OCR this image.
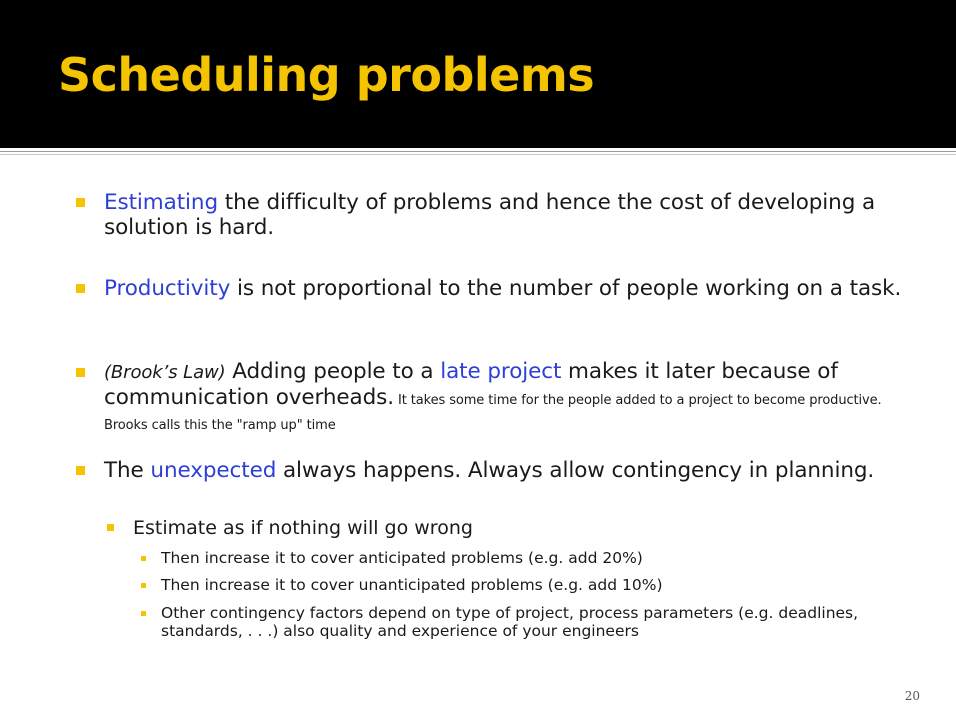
Scheduling problems
Estimating the difficulty of problems and hence the cost of developing a solution is hard.
Productivity is not proportional to the number of people working on a task.
(Brook’s Law) Adding people to a late project makes it later because of communication overheads. It takes some time for the people added to a project to become productive. Brooks calls this the "ramp up" time
The unexpected always happens. Always allow contingency in planning.
Estimate as if nothing will go wrong
Then increase it to cover anticipated problems (e.g. add 20%)
Then increase it to cover unanticipated problems (e.g. add 10%)
Other contingency factors depend on type of project, process parameters (e.g. deadlines, standards, . . .) also quality and experience of your engineers
20
